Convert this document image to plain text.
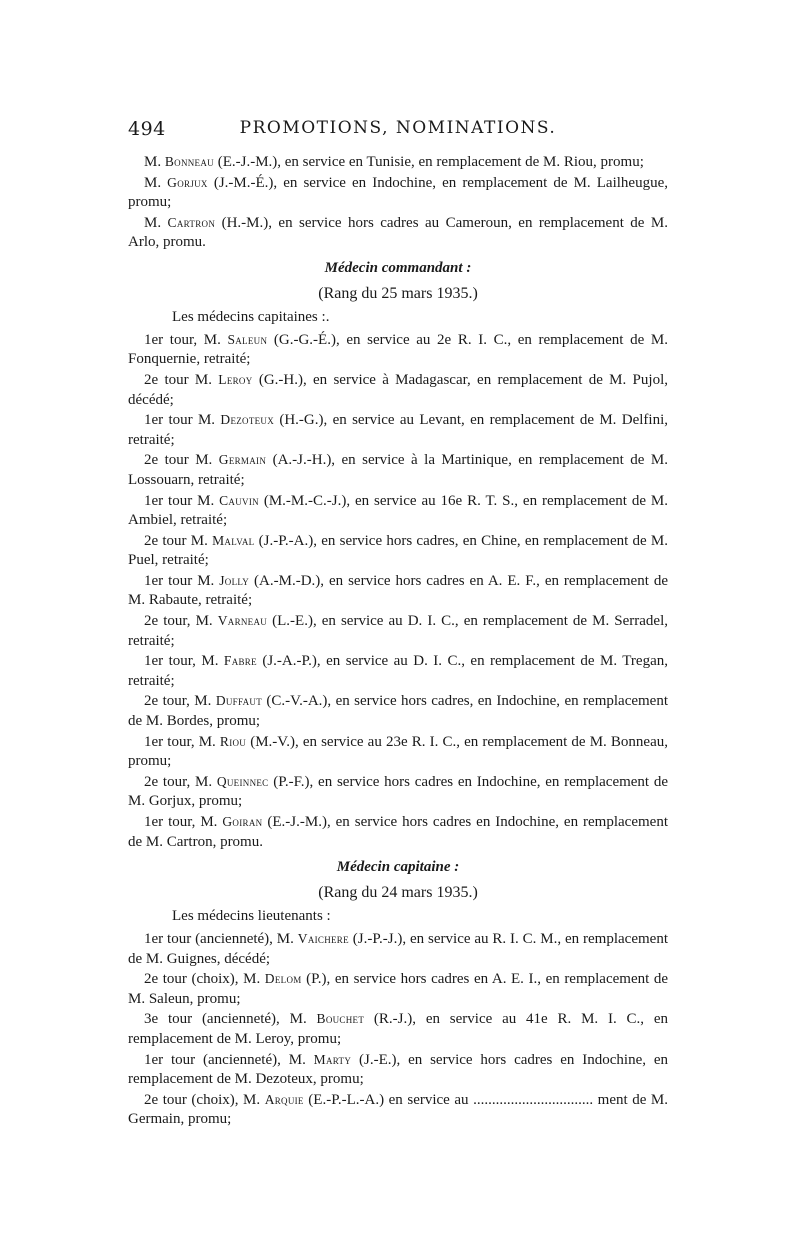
494	PROMOTIONS, NOMINATIONS.

M. Bonneau (E.-J.-M.), en service en Tunisie, en remplacement de M. Riou, promu;

M. Gorjux (J.-M.-É.), en service en Indochine, en remplacement de M. Lailheugue, promu;

M. Cartron (H.-M.), en service hors cadres au Cameroun, en remplacement de M. Arlo, promu.

Médecin commandant :

(Rang du 25 mars 1935.)

Les médecins capitaines :.

1er tour, M. Saleun (G.-G.-É.), en service au 2e R. I. C., en remplacement de M. Fonquernie, retraité;

2e tour M. Leroy (G.-H.), en service à Madagascar, en remplacement de M. Pujol, décédé;

1er tour M. Dezoteux (H.-G.), en service au Levant, en remplacement de M. Delfini, retraité;

2e tour M. Germain (A.-J.-H.), en service à la Martinique, en remplacement de M. Lossouarn, retraité;

1er tour M. Cauvin (M.-M.-C.-J.), en service au 16e R. T. S., en remplacement de M. Ambiel, retraité;

2e tour M. Malval (J.-P.-A.), en service hors cadres, en Chine, en remplacement de M. Puel, retraité;

1er tour M. Jolly (A.-M.-D.), en service hors cadres en A. E. F., en remplacement de M. Rabaute, retraité;

2e tour, M. Varneau (L.-E.), en service au D. I. C., en remplacement de M. Serradel, retraité;

1er tour, M. Fabre (J.-A.-P.), en service au D. I. C., en remplacement de M. Tregan, retraité;

2e tour, M. Duffaut (C.-V.-A.), en service hors cadres, en Indochine, en remplacement de M. Bordes, promu;

1er tour, M. Riou (M.-V.), en service au 23e R. I. C., en remplacement de M. Bonneau, promu;

2e tour, M. Queinnec (P.-F.), en service hors cadres en Indochine, en remplacement de M. Gorjux, promu;

1er tour, M. Goiran (E.-J.-M.), en service hors cadres en Indochine, en remplacement de M. Cartron, promu.

Médecin capitaine :

(Rang du 24 mars 1935.)

Les médecins lieutenants :

1er tour (ancienneté), M. Vaichere (J.-P.-J.), en service au R. I. C. M., en remplacement de M. Guignes, décédé;

2e tour (choix), M. Delom (P.), en service hors cadres en A. E. I., en remplacement de M. Saleun, promu;

3e tour (ancienneté), M. Bouchet (R.-J.), en service au 41e R. M. I. C., en remplacement de M. Leroy, promu;

1er tour (ancienneté), M. Marty (J.-E.), en service hors cadres en Indochine, en remplacement de M. Dezoteux, promu;

2e tour (choix), M. Arquie (E.-P.-L.-A.) en service au ................................ ment de M. Germain, promu;
